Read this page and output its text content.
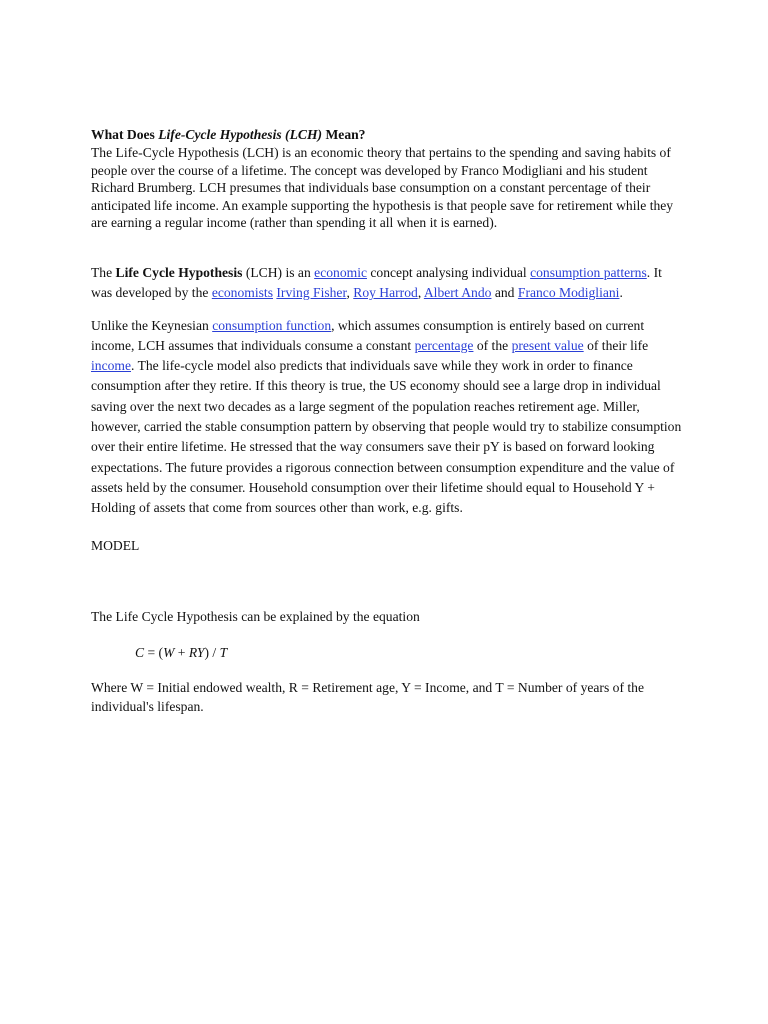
What Does Life-Cycle Hypothesis (LCH) Mean?

The Life-Cycle Hypothesis (LCH) is an economic theory that pertains to the spending and saving habits of people over the course of a lifetime. The concept was developed by Franco Modigliani and his student Richard Brumberg. LCH presumes that individuals base consumption on a constant percentage of their anticipated life income. An example supporting the hypothesis is that people save for retirement while they are earning a regular income (rather than spending it all when it is earned).

The Life Cycle Hypothesis (LCH) is an economic concept analysing individual consumption patterns. It was developed by the economists Irving Fisher, Roy Harrod, Albert Ando and Franco Modigliani.

Unlike the Keynesian consumption function, which assumes consumption is entirely based on current income, LCH assumes that individuals consume a constant percentage of the present value of their life income. The life-cycle model also predicts that individuals save while they work in order to finance consumption after they retire. If this theory is true, the US economy should see a large drop in individual saving over the next two decades as a large segment of the population reaches retirement age. Miller, however, carried the stable consumption pattern by observing that people would try to stabilize consumption over their entire lifetime. He stressed that the way consumers save their pY is based on forward looking expectations. The future provides a rigorous connection between consumption expenditure and the value of assets held by the consumer. Household consumption over their lifetime should equal to Household Y + Holding of assets that come from sources other than work, e.g. gifts.

MODEL

The Life Cycle Hypothesis can be explained by the equation

C = (W + RY) / T

Where W = Initial endowed wealth, R = Retirement age, Y = Income, and T = Number of years of the individual's lifespan.
